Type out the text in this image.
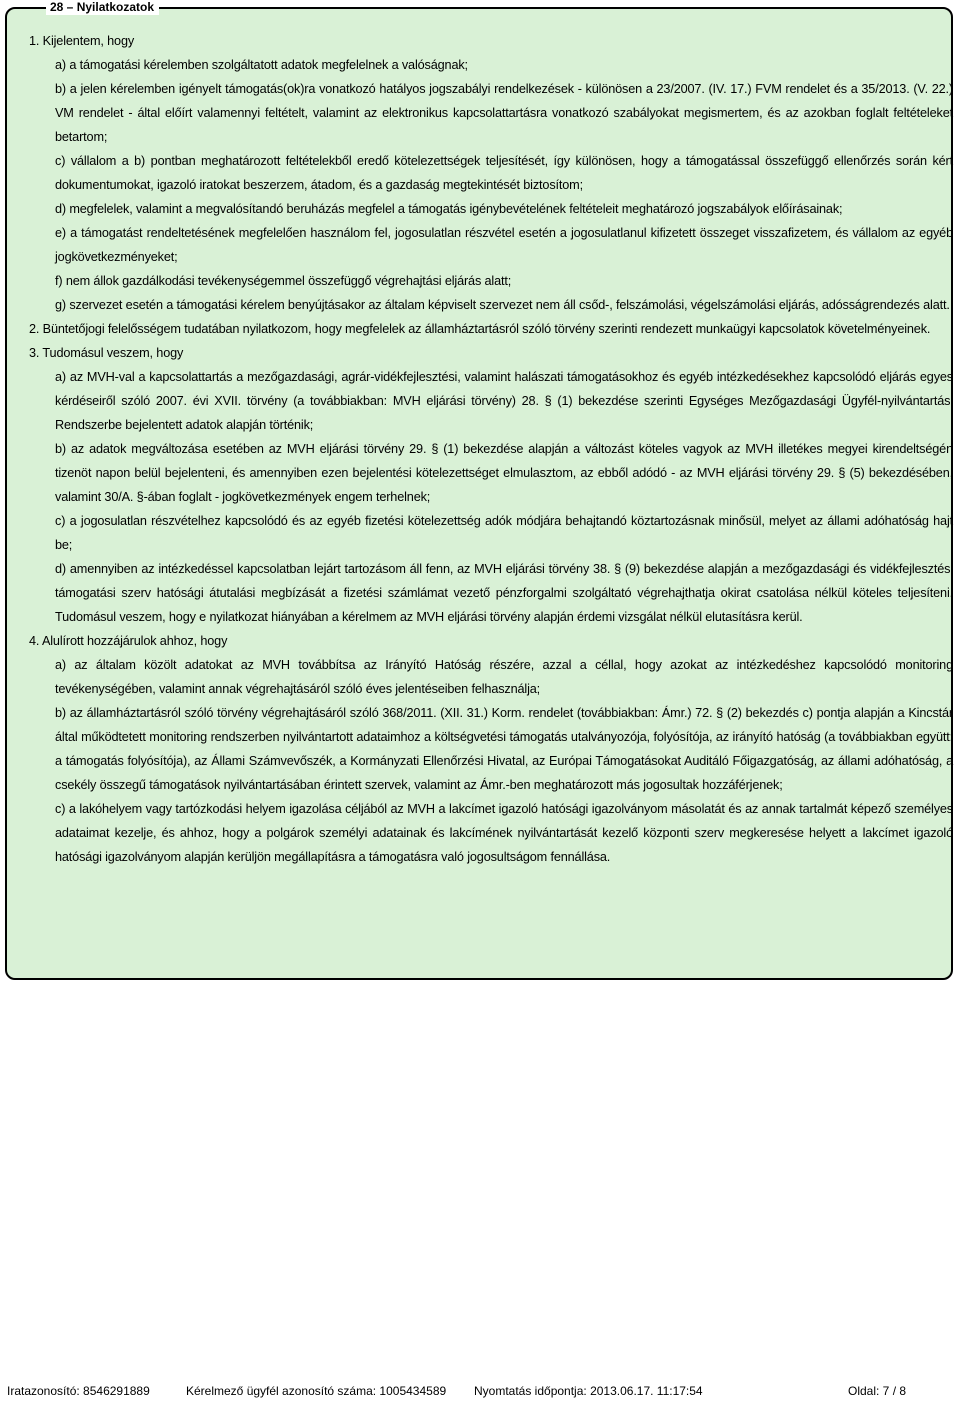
1. Kijelentem, hogy

a) a támogatási kérelemben szolgáltatott adatok megfelelnek a valóságnak;

b) a jelen kérelemben igényelt támogatás(ok)ra vonatkozó hatályos jogszabályi rendelkezések - különösen a 23/2007. (IV. 17.) FVM rendelet és a 35/2013. (V. 22.) VM rendelet - által előírt valamennyi feltételt, valamint az elektronikus kapcsolattartásra vonatkozó szabályokat megismertem, és az azokban foglalt feltételeket betartom;

c) vállalom a b) pontban meghatározott feltételekből eredő kötelezettségek teljesítését, így különösen, hogy a támogatással összefüggő ellenőrzés során kért dokumentumokat, igazoló iratokat beszerzem, átadom, és a gazdaság megtekintését biztosítom;

d) megfelelek, valamint a megvalósítandó beruházás megfelel a támogatás igénybevételének feltételeit meghatározó jogszabályok előírásainak;

e) a támogatást rendeltetésének megfelelően használom fel, jogosulatlan részvétel esetén a jogosulatlanul kifizetett összeget visszafizetem, és vállalom az egyéb jogkövetkezményeket;

f) nem állok gazdálkodási tevékenységemmel összefüggő végrehajtási eljárás alatt;

g) szervezet esetén a támogatási kérelem benyújtásakor az általam képviselt szervezet nem áll csőd-, felszámolási, végelszámolási eljárás, adósságrendezés alatt.

2. Büntetőjogi felelősségem tudatában nyilatkozom, hogy megfelelek az államháztartásról szóló törvény szerinti rendezett munkaügyi kapcsolatok követelményeinek.

3. Tudomásul veszem, hogy

a) az MVH-val a kapcsolattartás a mezőgazdasági, agrár-vidékfejlesztési, valamint halászati támogatásokhoz és egyéb intézkedésekhez kapcsolódó eljárás egyes kérdéseiről szóló 2007. évi XVII. törvény (a továbbiakban: MVH eljárási törvény) 28. § (1) bekezdése szerinti Egységes Mezőgazdasági Ügyfél-nyilvántartási Rendszerbe bejelentett adatok alapján történik;

b) az adatok megváltozása esetében az MVH eljárási törvény 29. § (1) bekezdése alapján a változást köteles vagyok az MVH illetékes megyei kirendeltségén tizenöt napon belül bejelenteni, és amennyiben ezen bejelentési kötelezettséget elmulasztom, az ebből adódó - az MVH eljárási törvény 29. § (5) bekezdésében, valamint 30/A. §-ában foglalt - jogkövetkezmények engem terhelnek;

c) a jogosulatlan részvételhez kapcsolódó és az egyéb fizetési kötelezettség adók módjára behajtandó köztartozásnak minősül, melyet az állami adóhatóság hajt be;

d) amennyiben az intézkedéssel kapcsolatban lejárt tartozásom áll fenn, az MVH eljárási törvény 38. § (9) bekezdése alapján a mezőgazdasági és vidékfejlesztési támogatási szerv hatósági átutalási megbízását a fizetési számlámat vezető pénzforgalmi szolgáltató végrehajthatja okirat csatolása nélkül köteles teljesíteni. Tudomásul veszem, hogy e nyilatkozat hiányában a kérelmem az MVH eljárási törvény alapján érdemi vizsgálat nélkül elutasításra kerül.

4. Alulírott hozzájárulok ahhoz, hogy

a) az általam közölt adatokat az MVH továbbítsa az Irányító Hatóság részére, azzal a céllal, hogy azokat az intézkedéshez kapcsolódó monitoring tevékenységében, valamint annak végrehajtásáról szóló éves jelentéseiben felhasználja;

b) az államháztartásról szóló törvény végrehajtásáról szóló 368/2011. (XII. 31.) Korm. rendelet (továbbiakban: Ámr.) 72. § (2) bekezdés c) pontja alapján a Kincstár által működtetett monitoring rendszerben nyilvántartott adataimhoz a költségvetési támogatás utalványozója, folyósítója, az irányító hatóság (a továbbiakban együtt: a támogatás folyósítója), az Állami Számvevőszék, a Kormányzati Ellenőrzési Hivatal, az Európai Támogatásokat Auditáló Főigazgatóság, az állami adóhatóság, a csekély összegű támogatások nyilvántartásában érintett szervek, valamint az Ámr.-ben meghatározott más jogosultak hozzáférjenek;

c) a lakóhelyem vagy tartózkodási helyem igazolása céljából az MVH a lakcímet igazoló hatósági igazolványom másolatát és az annak tartalmát képező személyes adataimat kezelje, és ahhoz, hogy a polgárok személyi adatainak és lakcímének nyilvántartását kezelő központi szerv megkeresése helyett a lakcímet igazoló hatósági igazolványom alapján kerüljön megállapításra a támogatásra való jogosultságom fennállása.

28 – Nyilatkozatok
Iratazonosító: 8546291889	Kérelmező ügyfél azonosító száma: 1005434589 Nyomtatás időpontja: 2013.06.17. 11:17:54	Oldal: 7 / 8
